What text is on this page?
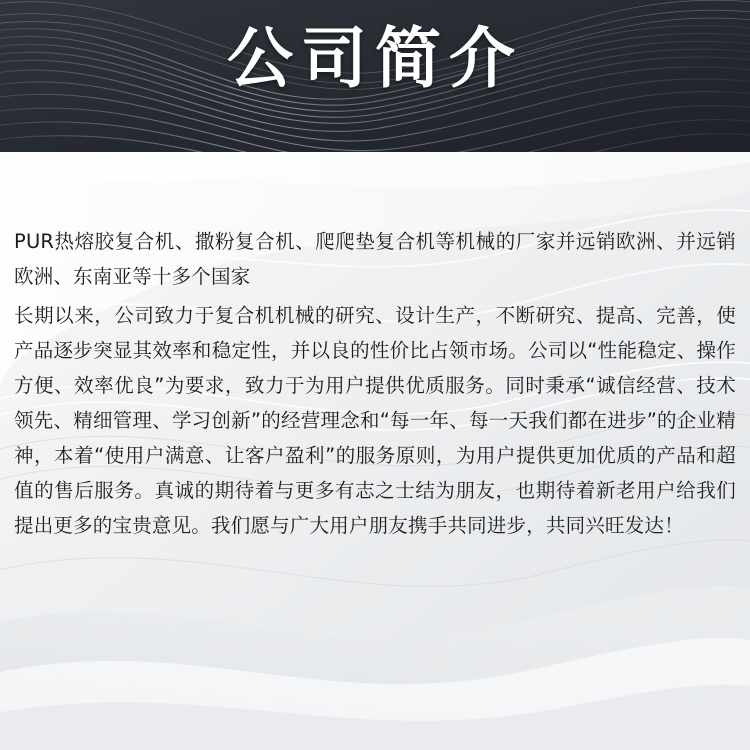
公司简介

PUR热熔胶复合机、撒粉复合机、爬爬垫复合机等机械的厂家并远销欧洲、并远销欧洲、东南亚等十多个国家

长期以来，公司致力于复合机机械的研究、设计生产，不断研究、提高、完善，使产品逐步突显其效率和稳定性，并以良的性价比占领市场。公司以“性能稳定、操作方便、效率优良”为要求，致力于为用户提供优质服务。同时秉承“诚信经营、技术领先、精细管理、学习创新”的经营理念和“每一年、每一天我们都在进步”的企业精神，本着“使用户满意、让客户盈利”的服务原则，为用户提供更加优质的产品和超值的售后服务。真诚的期待着与更多有志之士结为朋友，也期待着新老用户给我们提出更多的宝贵意见。我们愿与广大用户朋友携手共同进步，共同兴旺发达！
